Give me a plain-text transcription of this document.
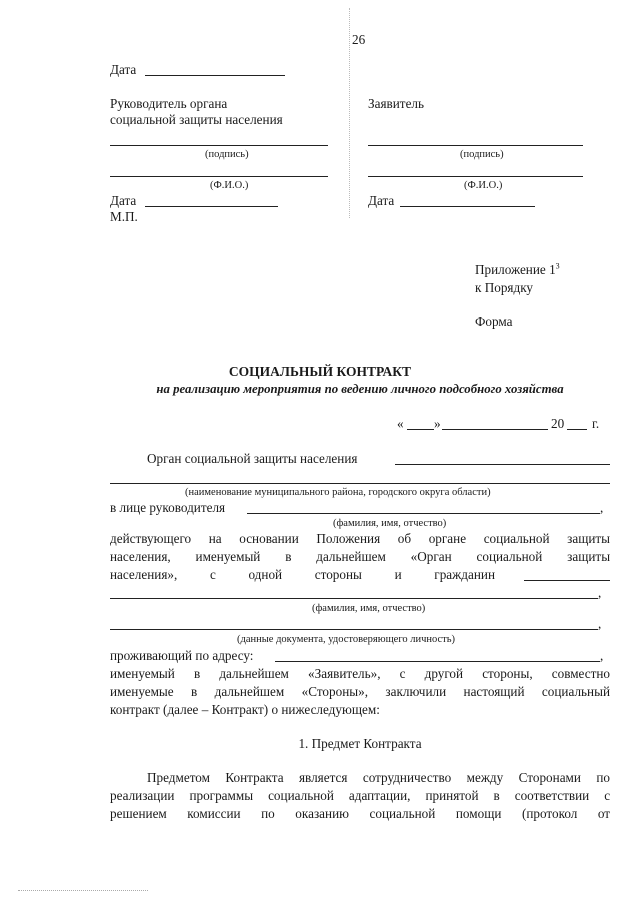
26
Дата
Руководитель органа
социальной защиты населения
Заявитель
(подпись)	(подпись)
(Ф.И.О.)	(Ф.И.О.)
Дата	Дата
М.П.
Приложение $1^3$
к Порядку
Форма
СОЦИАЛЬНЫЙ КОНТРАКТ
на реализацию мероприятия по ведению личного подсобного хозяйства
« »	20 г.
Орган социальной защиты населения
(наименование муниципального района, городского округа области)
в лице руководителя	,
(фамилия, имя, отчество)
действующего на основании Положения об органе социальной защиты
населения, именуемый в дальнейшем «Орган социальной защиты
населения», с одной стороны и гражданин
,
(фамилия, имя, отчество)
,
(данные документа, удостоверяющего личность)
проживающий по адресу:	,
именуемый в дальнейшем «Заявитель», с другой стороны, совместно
именуемые в дальнейшем «Стороны», заключили настоящий социальный
контракт (далее – Контракт) о нижеследующем:
1. Предмет Контракта
Предметом Контракта является сотрудничество между Сторонами по
реализации программы социальной адаптации, принятой в соответствии с
решением комиссии по оказанию социальной помощи (протокол от
